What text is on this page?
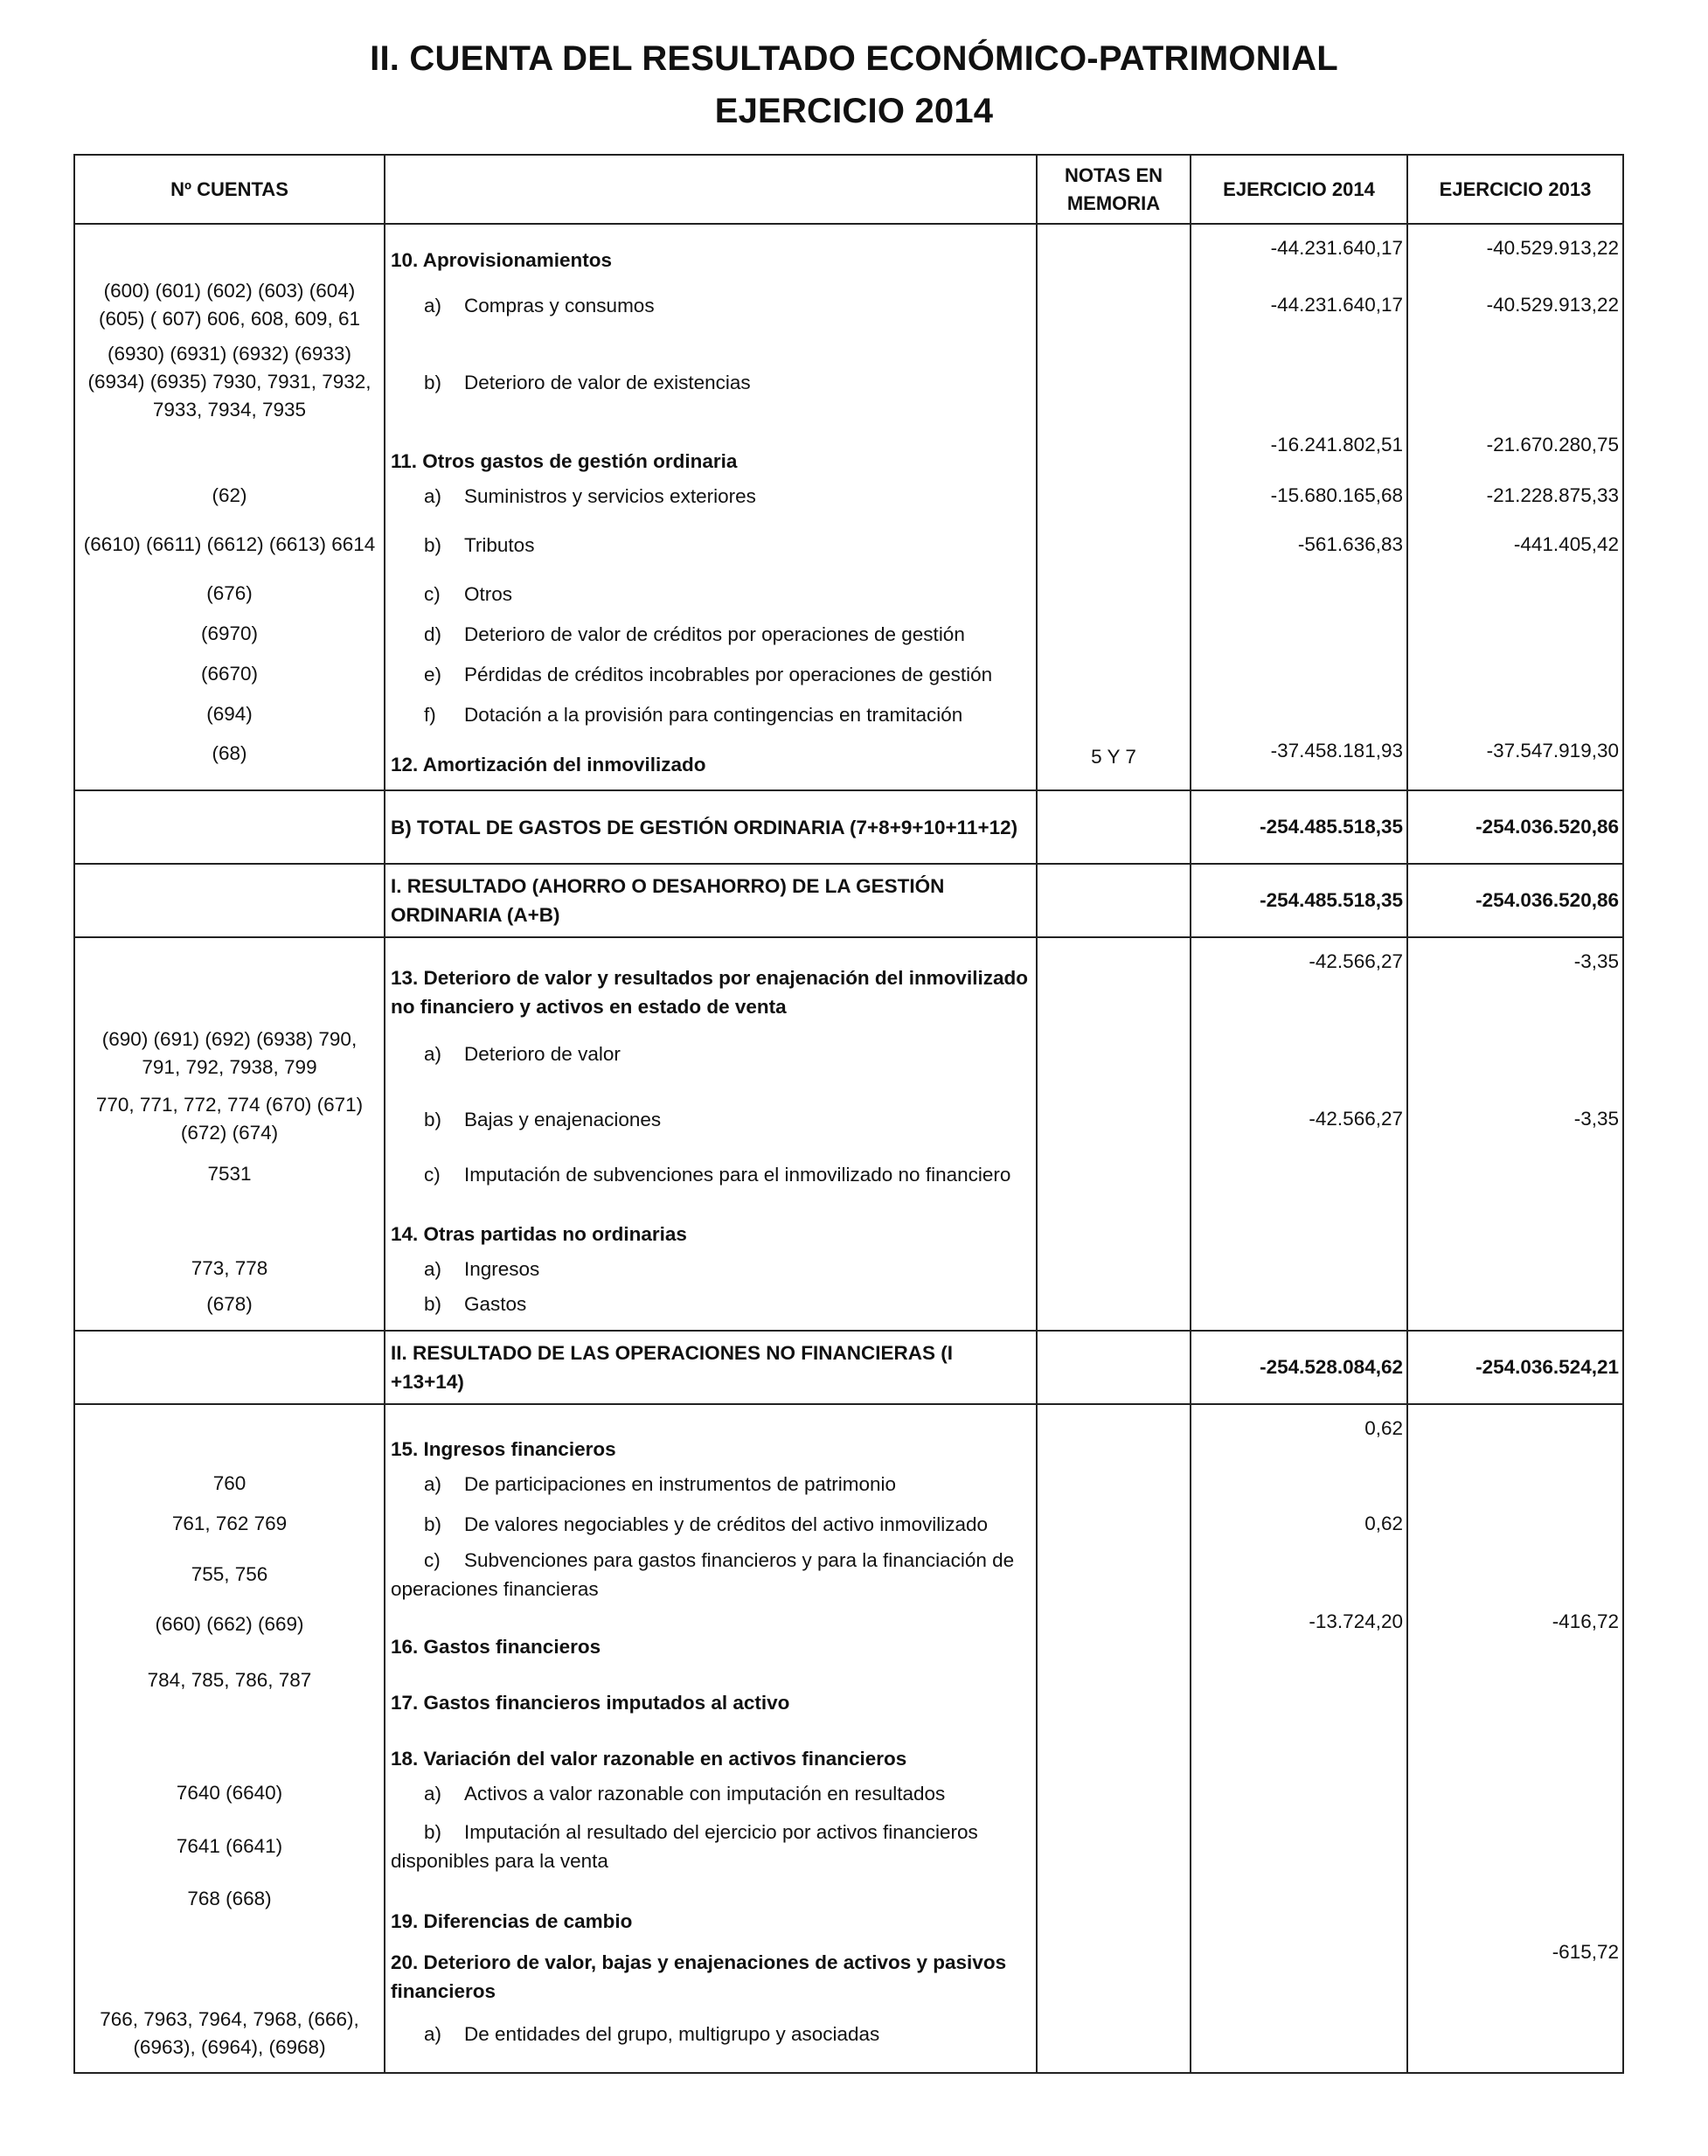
II. CUENTA DEL RESULTADO ECONÓMICO-PATRIMONIAL
EJERCICIO 2014
Nº CUENTAS		NOTAS EN MEMORIA	EJERCICIO 2014	EJERCICIO 2013
	10. Aprovisionamientos		-44.231.640,17	-40.529.913,22
(600) (601) (602) (603) (604) (605) ( 607) 606, 608, 609, 61	a) Compras y consumos		-44.231.640,17	-40.529.913,22
(6930) (6931) (6932) (6933) (6934) (6935) 7930, 7931, 7932, 7933, 7934, 7935	b) Deterioro de valor de existencias			
	11. Otros gastos de gestión ordinaria		-16.241.802,51	-21.670.280,75
(62)	a) Suministros y servicios exteriores		-15.680.165,68	-21.228.875,33
(6610) (6611) (6612) (6613) 6614	b) Tributos		-561.636,83	-441.405,42
(676)	c) Otros			
(6970)	d) Deterioro de valor de créditos por operaciones de gestión			
(6670)	e) Pérdidas de créditos incobrables por operaciones de gestión			
(694)	f) Dotación a la provisión para contingencias en tramitación			
(68)	12. Amortización del inmovilizado	5 Y 7	-37.458.181,93	-37.547.919,30
	B) TOTAL DE GASTOS DE GESTIÓN ORDINARIA (7+8+9+10+11+12)		-254.485.518,35	-254.036.520,86
	I. RESULTADO (AHORRO O DESAHORRO) DE LA GESTIÓN ORDINARIA (A+B)		-254.485.518,35	-254.036.520,86
	13. Deterioro de valor y resultados por enajenación del inmovilizado no financiero y activos en estado de venta		-42.566,27	-3,35
(690) (691) (692) (6938) 790, 791, 792, 7938, 799	a) Deterioro de valor			
770, 771, 772, 774 (670) (671) (672) (674)	b) Bajas y enajenaciones		-42.566,27	-3,35
7531	c) Imputación de subvenciones para el inmovilizado no financiero			
	14. Otras partidas no ordinarias			
773, 778	a) Ingresos			
(678)	b) Gastos			
	II. RESULTADO DE LAS OPERACIONES NO FINANCIERAS (I +13+14)		-254.528.084,62	-254.036.524,21
	15. Ingresos financieros		0,62	
760	a) De participaciones en instrumentos de patrimonio			
761, 762 769	b) De valores negociables y de créditos del activo inmovilizado		0,62	
755, 756	c) Subvenciones para gastos financieros y para la financiación de operaciones financieras			
(660) (662) (669)	16. Gastos financieros		-13.724,20	-416,72
784, 785, 786, 787	17. Gastos financieros imputados al activo			
	18. Variación del valor razonable en activos financieros			
7640 (6640)	a) Activos a valor razonable con imputación en resultados			
7641 (6641)	b) Imputación al resultado del ejercicio por activos financieros disponibles para la venta			
768 (668)	19. Diferencias de cambio			
	20. Deterioro de valor, bajas y enajenaciones de activos y pasivos financieros			-615,72
766, 7963, 7964, 7968, (666), (6963), (6964), (6968)	a) De entidades del grupo, multigrupo y asociadas			
